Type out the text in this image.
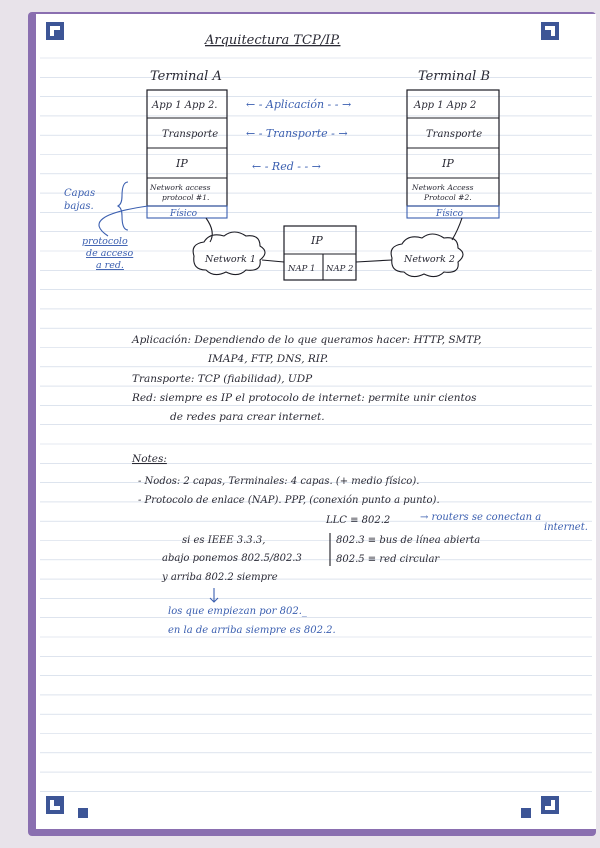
Arquitectura TCP/IP.
Terminal A
App 1 App 2.
Transporte
IP
Network access protocol #1.
Físico
Terminal B
App 1 App 2
Transporte
IP
Network Access Protocol #2.
Físico
← - Aplicación - - →
← - Transporte - →
← - Red - - →
IP
NAP 1 NAP 2
Network 1	Network 2
Capas bajas.
protocolo de acceso a red.
Aplicación: Dependiendo de lo que queramos hacer: HTTP, SMTP,
IMAP4, FTP, DNS, RIP.
Transporte: TCP (fiabilidad), UDP
Red: siempre es IP el protocolo de internet: permite unir cientos
de redes para crear internet.
Notes:
- Nodos: 2 capas, Terminales: 4 capas. (+ medio físico).
- Protocolo de enlace (NAP). PPP, (conexión punto a punto).
LLC ≡ 802.2
si es IEEE 3.3.3,
abajo ponemos 802.5/802.3
y arriba 802.2 siempre
802.3 ≡ bus de línea abierta
802.5 ≡ red circular
→ routers se conectan a
internet.
los que empiezan por 802._
en la de arriba siempre es 802.2.
